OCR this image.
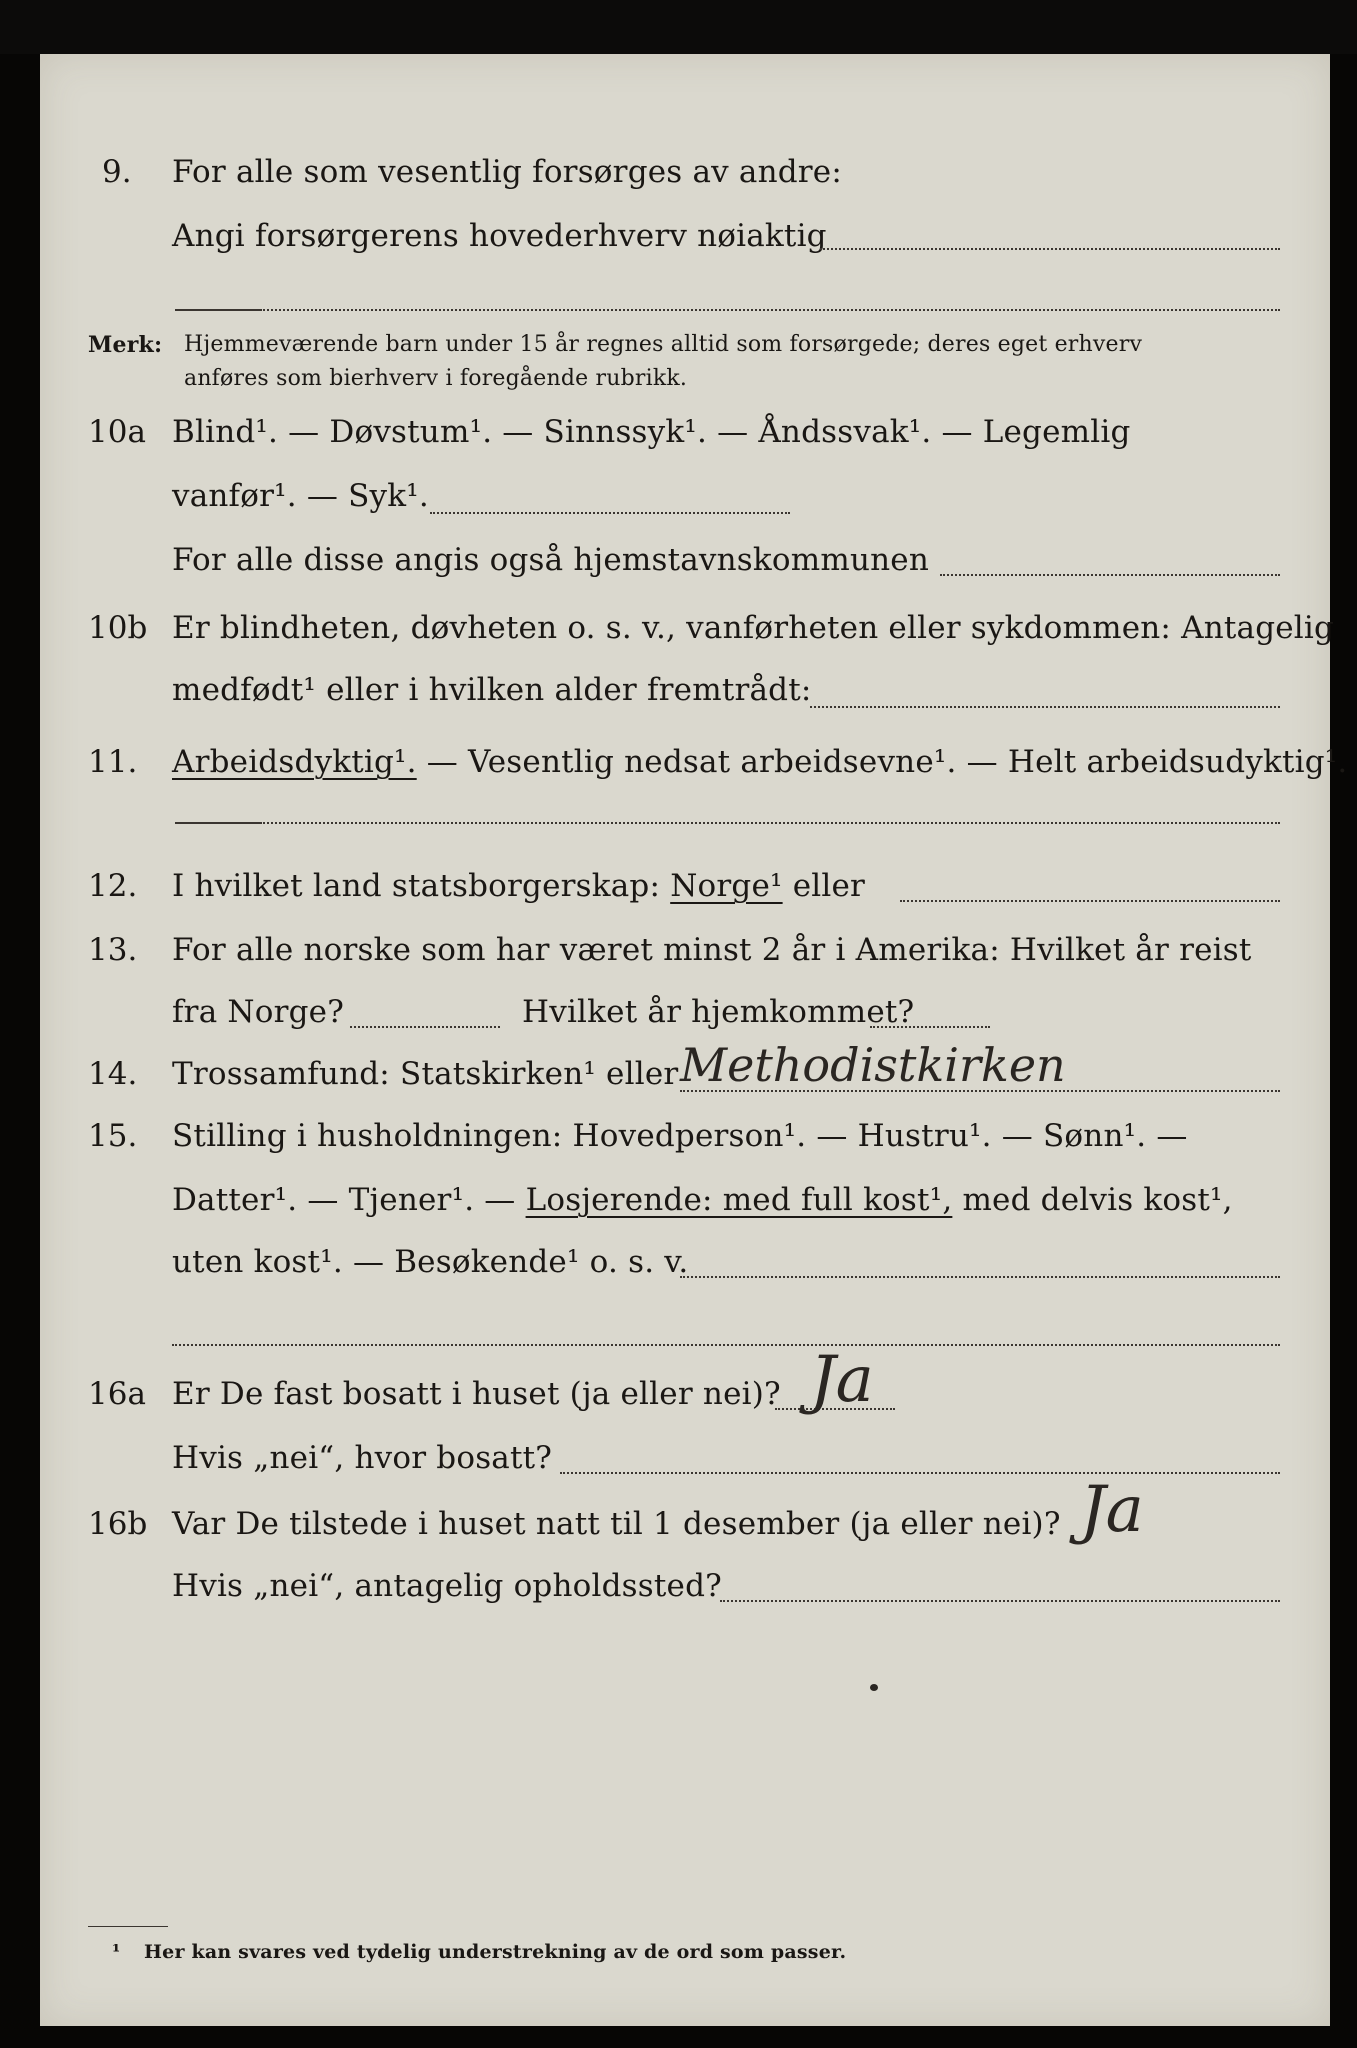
9. For alle som vesentlig forsørges av andre:
Angi forsørgerens hovederhverv nøiaktig
Merk: Hjemmeværende barn under 15 år regnes alltid som forsørgede; deres eget erhverv
anføres som bierhverv i foregående rubrikk.
10a Blind¹. — Døvstum¹. — Sinnssyk¹. — Åndssvak¹. — Legemlig
vanfør¹. — Syk¹.
For alle disse angis også hjemstavnskommunen
10b Er blindheten, døvheten o. s. v., vanførheten eller sykdommen: Antagelig
medfødt¹ eller i hvilken alder fremtrådt:
11. Arbeidsdyktig¹. — Vesentlig nedsat arbeidsevne¹. — Helt arbeidsudyktig¹.
12. I hvilket land statsborgerskap: Norge¹ eller
13. For alle norske som har været minst 2 år i Amerika: Hvilket år reist
fra Norge?	Hvilket år hjemkommet?
14. Trossamfund: Statskirken¹ eller Methodistkirken
15. Stilling i husholdningen: Hovedperson¹. — Hustru¹. — Sønn¹. —
Datter¹. — Tjener¹. — Losjerende: med full kost¹, med delvis kost¹,
uten kost¹. — Besøkende¹ o. s. v.
16a Er De fast bosatt i huset (ja eller nei)? Ja
Hvis „nei“, hvor bosatt?
16b Var De tilstede i huset natt til 1 desember (ja eller nei)? Ja
Hvis „nei“, antagelig opholdssted?
¹ Her kan svares ved tydelig understrekning av de ord som passer.
